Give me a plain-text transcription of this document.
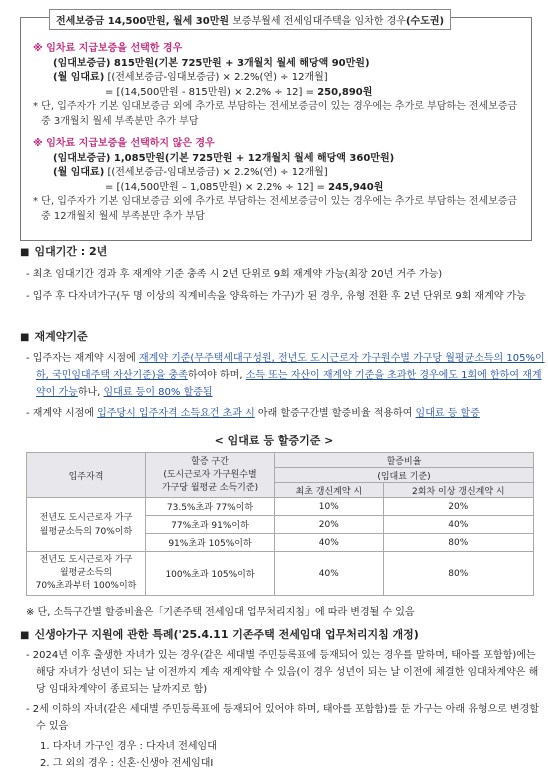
전세보증금 14,500만원, 월세 30만원 보증부월세 전세임대주택을 임차한 경우(수도권)
※ 임차료 지급보증을 선택한 경우
(임대보증금) 815만원(기본 725만원 + 3개월치 월세 해당액 90만원)
(월 임대료) [(전세보증금-임대보증금) × 2.2%(연) ÷ 12개월]
= [(14,500만원 - 815만원) × 2.2% ÷ 12] = 250,890원
* 단, 입주자가 기본 임대보증금 외에 추가로 부담하는 전세보증금이 있는 경우에는 추가로 부담하는 전세보증금 중 3개월치 월세 부족분만 추가 부담
※ 임차료 지급보증을 선택하지 않은 경우
(임대보증금) 1,085만원(기본 725만원 + 12개월치 월세 해당액 360만원)
(월 임대료) [(전세보증금-임대보증금) × 2.2%(연) ÷ 12개월]
= [(14,500만원 – 1,085만원) × 2.2% ÷ 12] = 245,940원
* 단, 입주자가 기본 임대보증금 외에 추가로 부담하는 전세보증금이 있는 경우에는 추가로 부담하는 전세보증금 중 12개월치 월세 부족분만 추가 부담
■ 임대기간 : 2년
- 최초 임대기간 경과 후 재계약 기준 충족 시 2년 단위로 9회 재계약 가능(최장 20년 거주 가능)
- 입주 후 다자녀가구(두 명 이상의 직계비속을 양육하는 가구)가 된 경우, 유형 전환 후 2년 단위로 9회 재계약 가능
■ 재계약기준
- 입주자는 재계약 시점에 재계약 기준(무주택세대구성원, 전년도 도시근로자 가구원수별 가구당 월평균소득의 105%이하, 국민임대주택 자산기준)을 충족하여야 하며, 소득 또는 자산이 재계약 기준을 초과한 경우에도 1회에 한하여 재계약이 가능하나, 임대료 등이 80% 할증됨
- 재계약 시점에 입주당시 입주자격 소득요건 초과 시 아래 할증구간별 할증비율 적용하여 임대료 등 할증
< 임대료 등 할증기준 >
입주자격	할증 구간
(도시근로자 가구원수별
가구당 월평균 소득기준)	할증비율	
		(임대료 기준)	
		최초 갱신계약 시	2회차 이상 갱신계약 시
전년도 도시근로자 가구
월평균소득의 70%이하	73.5%초과 77%이하	10%	20%
	77%초과 91%이하	20%	40%
	91%초과 105%이하	40%	80%
전년도 도시근로자 가구
월평균소득의
70%초과부터 100%이하	100%초과 105%이하	40%	80%
※ 단, 소득구간별 할증비율은「기존주택 전세임대 업무처리지침」에 따라 변경될 수 있음
■ 신생아가구 지원에 관한 특례('25.4.11 기존주택 전세임대 업무처리지침 개정)
- 2024년 이후 출생한 자녀가 있는 경우(같은 세대별 주민등록표에 등재되어 있는 경우를 말하며, 태아를 포함함)에는 해당 자녀가 성년이 되는 날 이전까지 계속 재계약할 수 있음(이 경우 성년이 되는 날 이전에 체결한 임대차계약은 해당 임대차계약이 종료되는 날까지로 함)
- 2세 이하의 자녀(같은 세대별 주민등록표에 등재되어 있어야 하며, 태아를 포함함)를 둔 가구는 아래 유형으로 변경할 수 있음
1. 다자녀 가구인 경우 : 다자녀 전세임대
2. 그 외의 경우 : 신혼·신생아 전세임대Ⅰ
